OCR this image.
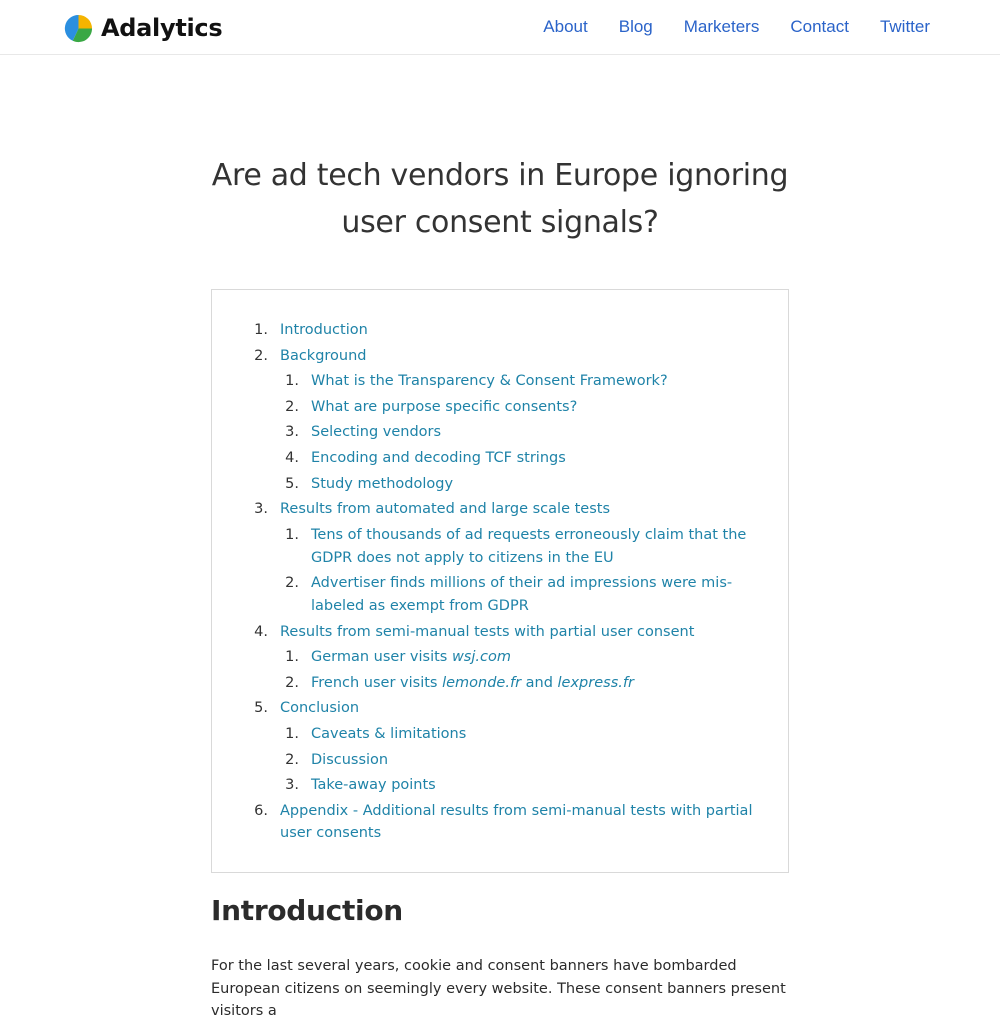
Adalytics	About Blog Marketers Contact Twitter
Are ad tech vendors in Europe ignoring user consent signals?
1. Introduction
2. Background
1. What is the Transparency & Consent Framework?
2. What are purpose specific consents?
3. Selecting vendors
4. Encoding and decoding TCF strings
5. Study methodology
3. Results from automated and large scale tests
1. Tens of thousands of ad requests erroneously claim that the GDPR does not apply to citizens in the EU
2. Advertiser finds millions of their ad impressions were mis-labeled as exempt from GDPR
4. Results from semi-manual tests with partial user consent
1. German user visits wsj.com
2. French user visits lemonde.fr and lexpress.fr
5. Conclusion
1. Caveats & limitations
2. Discussion
3. Take-away points
6. Appendix - Additional results from semi-manual tests with partial user consents
Introduction

For the last several years, cookie and consent banners have bombarded European citizens on seemingly every website. These consent banners present visitors a
